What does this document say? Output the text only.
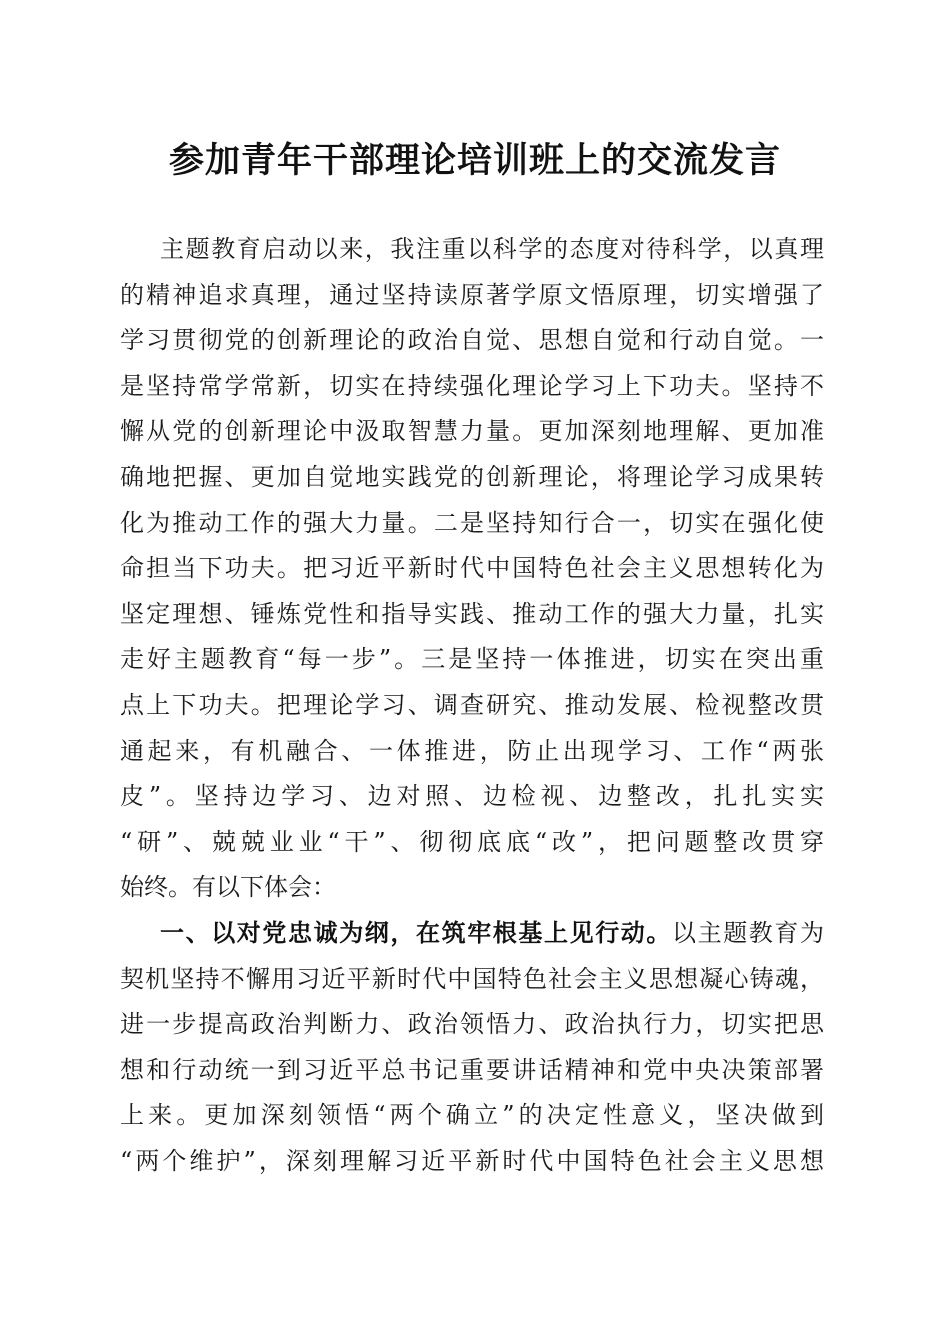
参加青年干部理论培训班上的交流发言
主题教育启动以来，我注重以科学的态度对待科学，以真理
的精神追求真理，通过坚持读原著学原文悟原理，切实增强了
学习贯彻党的创新理论的政治自觉、思想自觉和行动自觉。一
是坚持常学常新，切实在持续强化理论学习上下功夫。坚持不
懈从党的创新理论中汲取智慧力量。更加深刻地理解、更加准
确地把握、更加自觉地实践党的创新理论，将理论学习成果转
化为推动工作的强大力量。二是坚持知行合一，切实在强化使
命担当下功夫。把习近平新时代中国特色社会主义思想转化为
坚定理想、锤炼党性和指导实践、推动工作的强大力量，扎实
走好主题教育“每一步”。三是坚持一体推进，切实在突出重
点上下功夫。把理论学习、调查研究、推动发展、检视整改贯
通起来，有机融合、一体推进，防止出现学习、工作“两张
皮”。坚持边学习、边对照、边检视、边整改，扎扎实实
“研”、兢兢业业“干”、彻彻底底“改”，把问题整改贯穿
始终。有以下体会：
一、以对党忠诚为纲，在筑牢根基上见行动。以主题教育为
契机坚持不懈用习近平新时代中国特色社会主义思想凝心铸魂，
进一步提高政治判断力、政治领悟力、政治执行力，切实把思
想和行动统一到习近平总书记重要讲话精神和党中央决策部署
上来。更加深刻领悟“两个确立”的决定性意义，坚决做到
“两个维护”，深刻理解习近平新时代中国特色社会主义思想
